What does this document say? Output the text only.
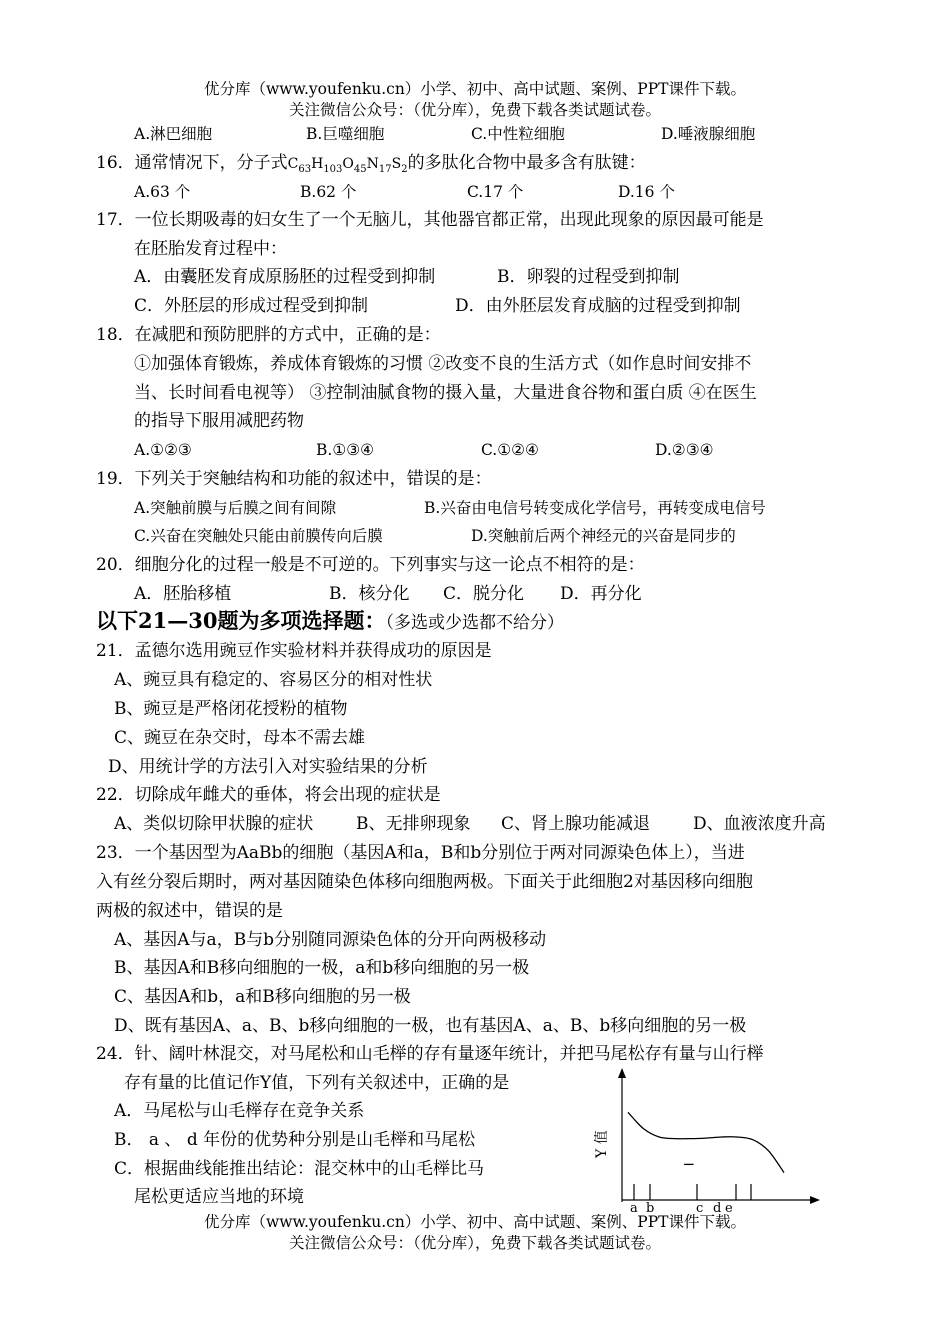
优分库（www.youfenku.cn）小学、初中、高中试题、案例、PPT课件下载。
关注微信公众号：（优分库），免费下载各类试题试卷。
A.淋巴细胞	B.巨噬细胞	C.中性粒细胞	D.唾液腺细胞
16．通常情况下，分子式$C_{63}H_{103}O_{45}N_{17}S_2$的多肽化合物中最多含有肽键：
A.63 个	B.62 个	C.17 个	D.16 个
17．一位长期吸毒的妇女生了一个无脑儿，其他器官都正常，出现此现象的原因最可能是
在胚胎发育过程中：
A．由囊胚发育成原肠胚的过程受到抑制	B．卵裂的过程受到抑制
C．外胚层的形成过程受到抑制	D．由外胚层发育成脑的过程受到抑制
18．在减肥和预防肥胖的方式中，正确的是：
①加强体育锻炼，养成体育锻炼的习惯 ②改变不良的生活方式（如作息时间安排不
当、长时间看电视等） ③控制油腻食物的摄入量，大量进食谷物和蛋白质 ④在医生
的指导下服用减肥药物
A.①②③	B.①③④	C.①②④	D.②③④
19．下列关于突触结构和功能的叙述中，错误的是：
A.突触前膜与后膜之间有间隙	B.兴奋由电信号转变成化学信号，再转变成电信号
C.兴奋在突触处只能由前膜传向后膜	D.突触前后两个神经元的兴奋是同步的
20．细胞分化的过程一般是不可逆的。下列事实与这一论点不相符的是：
A．胚胎移植	B．核分化 C．脱分化 D．再分化
以下21—30题为多项选择题：（多选或少选都不给分）
21．孟德尔选用豌豆作实验材料并获得成功的原因是
A、豌豆具有稳定的、容易区分的相对性状
B、豌豆是严格闭花授粉的植物
C、豌豆在杂交时，母本不需去雄
D、用统计学的方法引入对实验结果的分析
22．切除成年雌犬的垂体，将会出现的症状是
A、类似切除甲状腺的症状	B、无排卵现象 C、肾上腺功能减退	D、血液浓度升高
23．一个基因型为AaBb的细胞（基因A和a，B和b分别位于两对同源染色体上），当进
入有丝分裂后期时，两对基因随染色体移向细胞两极。下面关于此细胞2对基因移向细胞
两极的叙述中，错误的是
A、基因A与a，B与b分别随同源染色体的分开向两极移动
B、基因A和B移向细胞的一极，a和b移向细胞的另一极
C、基因A和b，a和B移向细胞的另一极
D、既有基因A、a、B、b移向细胞的一极，也有基因A、a、B、b移向细胞的另一极
24．针、阔叶林混交，对马尾松和山毛榉的存有量逐年统计，并把马尾松存有量与山行榉
存有量的比值记作Y值，下列有关叙述中，正确的是
A．马尾松与山毛榉存在竞争关系
B． a 、 d 年份的优势种分别是山毛榉和马尾松
C．根据曲线能推出结论：混交林中的山毛榉比马
尾松更适应当地的环境
Y 值
a b	c d e
优分库（www.youfenku.cn）小学、初中、高中试题、案例、PPT课件下载。
关注微信公众号：（优分库），免费下载各类试题试卷。
